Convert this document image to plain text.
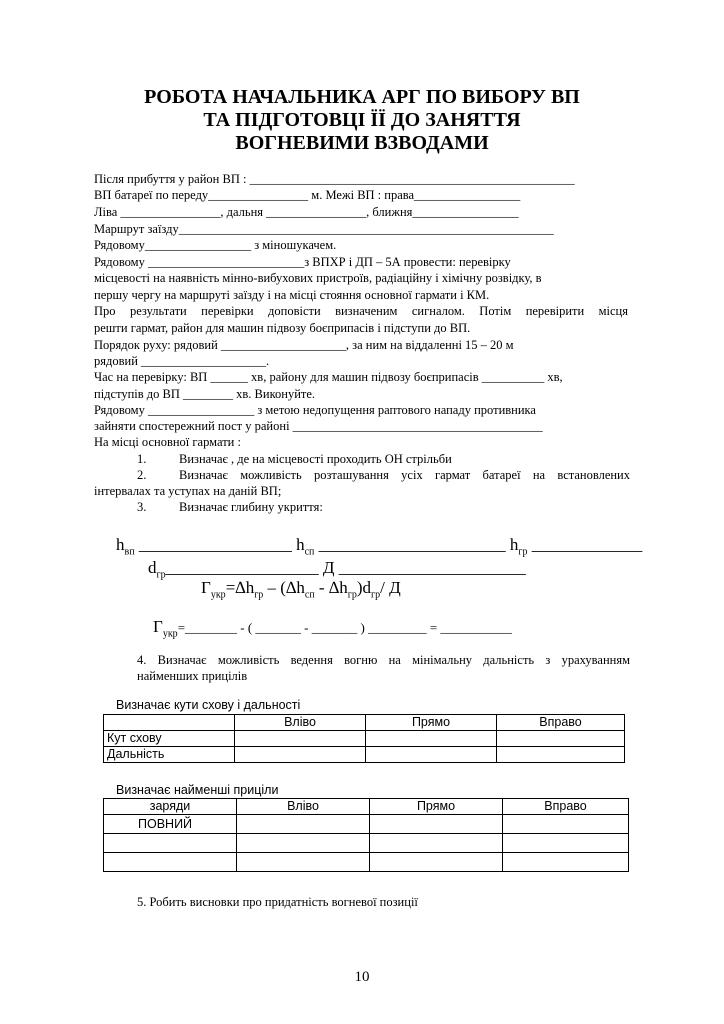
РОБОТА НАЧАЛЬНИКА АРГ ПО ВИБОРУ ВП
ТА ПІДГОТОВЦІ ЇЇ ДО ЗАНЯТТЯ
ВОГНЕВИМИ ВЗВОДАМИ
Після прибуття у район ВП : ____________________________________________________
ВП батареї по переду________________ м. Межі ВП : права_________________
Ліва ________________, дальня ________________, ближня_________________
Маршрут заїзду____________________________________________________________
Рядовому_________________ з міношукачем.
Рядовому _________________________з ВПХР і ДП – 5А провести: перевірку
місцевості на наявність мінно-вибухових пристроїв, радіаційну і хімічну розвідку, в
першу чергу на маршруті заїзду і на місці стояння основної гармати і КМ.
Про результати перевірки доповісти визначеним сигналом. Потім перевірити місця
решти гармат, район для машин підвозу боєприпасів і підступи до ВП.
Порядок руху: рядовий ____________________, за ним на віддаленні 15 – 20 м
рядовий ____________________.
Час на перевірку: ВП ______ хв, району для машин підвозу боєприпасів __________ хв,
підступів до ВП ________ хв. Виконуйте.
Рядовому _________________ з метою недопущення раптового нападу противника
зайняти спостережний пост у районі ________________________________________
На місці основної гармати :
1.	Визначає , де на місцевості проходить ОН стрільби
2.	Визначає можливість розташування усіх гармат батареї на встановлених
інтервалах та уступах на даній ВП;
3.	Визначає глибину укриття:
$h_{вп}$ __________________ $h_{сп}$ ______________________ $h_{гр}$ _____________
$d_{гр}\_\_\_\_\_\_\_\_\_\_\_\_\_\_\_\_\_\_$ Д ______________________
$Г_{укр}=\Delta h_{гр} - (\Delta h_{сп} - \Delta h_{гр})d_{гр}/$ Д
$Г_{укр}=\_\_\_\_\_\_\_\_$ - ( _______ - _______ ) _________ = ___________
4. Визначає можливість ведення вогню на мінімальну дальність з урахуванням
найменших прицілів
Визначає кути схову і дальності
	Вліво	Прямо	Вправо
Кут схову			
Дальність			
Визначає найменші приціли
заряди	Вліво	Прямо	Вправо
ПОВНИЙ			

5. Робить висновки про придатність вогневої позиції
10
